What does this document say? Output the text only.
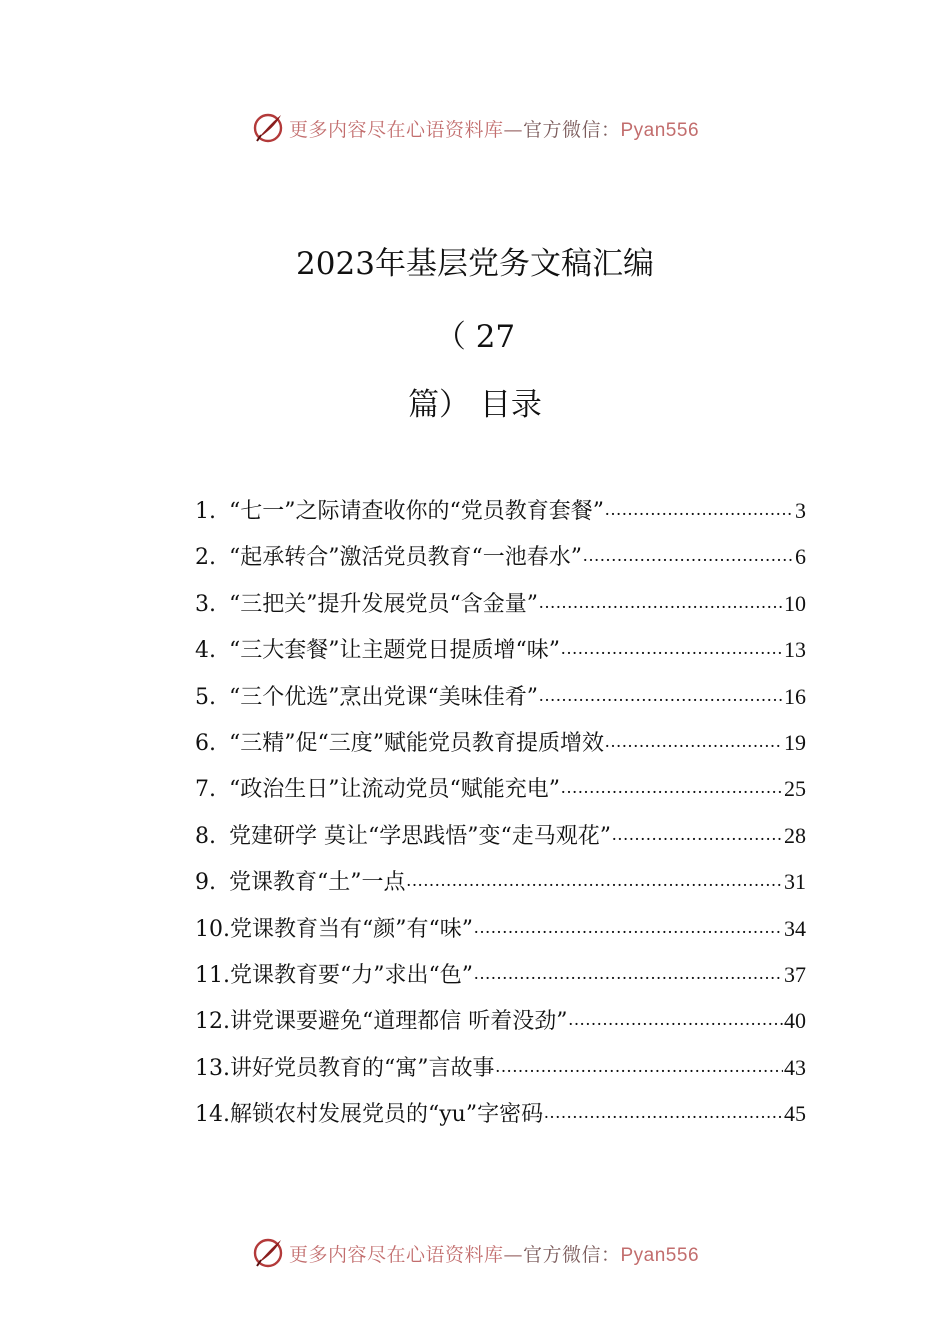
更多内容尽在心语资料库—官方微信：Pyan556
2023年基层党务文稿汇编
（ 27
篇） 目录
1. “七一”之际请查收你的“党员教育套餐” .....	3
2. “起承转合”激活党员教育“一池春水” .....	6
3. “三把关”提升发展党员“含金量” .....	10
4. “三大套餐”让主题党日提质增“味” .....	13
5. “三个优选”烹出党课“美味佳肴” .....	16
6. “三精”促“三度”赋能党员教育提质增效 .....	19
7. “政治生日”让流动党员“赋能充电” .....	25
8. 党建研学 莫让“学思践悟”变“走马观花” .....	28
9. 党课教育“土”一点 .....	31
10. 党课教育当有“颜”有“味” .....	34
11. 党课教育要“力”求出“色” .....	37
12. 讲党课要避免“道理都信 听着没劲” .....	40
13. 讲好党员教育的“寓”言故事 .....	43
14. 解锁农村发展党员的“yu”字密码 .....	45
更多内容尽在心语资料库—官方微信：Pyan556
